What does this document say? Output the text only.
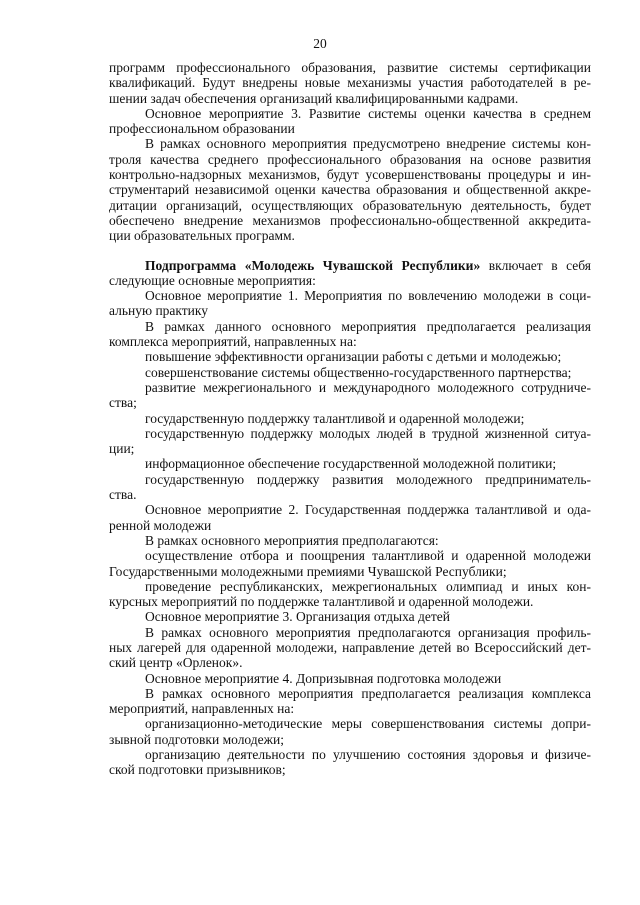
20
программ профессионального образования, развитие системы сертификации
квалификаций. Будут внедрены новые механизмы участия работодателей в ре-
шении задач обеспечения организаций квалифицированными кадрами.
Основное мероприятие 3. Развитие системы оценки качества в среднем
профессиональном образовании
В рамках основного мероприятия предусмотрено внедрение системы кон-
троля качества среднего профессионального образования на основе развития
контрольно-надзорных механизмов, будут усовершенствованы процедуры и ин-
струментарий независимой оценки качества образования и общественной аккре-
дитации организаций, осуществляющих образовательную деятельность, будет
обеспечено внедрение механизмов профессионально-общественной аккредита-
ции образовательных программ.
Подпрограмма «Молодежь Чувашской Республики» включает в себя
следующие основные мероприятия:
Основное мероприятие 1. Мероприятия по вовлечению молодежи в соци-
альную практику
В рамках данного основного мероприятия предполагается реализация
комплекса мероприятий, направленных на:
повышение эффективности организации работы с детьми и молодежью;
совершенствование системы общественно-государственного партнерства;
развитие межрегионального и международного молодежного сотрудниче-
ства;
государственную поддержку талантливой и одаренной молодежи;
государственную поддержку молодых людей в трудной жизненной ситуа-
ции;
информационное обеспечение государственной молодежной политики;
государственную поддержку развития молодежного предприниматель-
ства.
Основное мероприятие 2. Государственная поддержка талантливой и ода-
ренной молодежи
В рамках основного мероприятия предполагаются:
осуществление отбора и поощрения талантливой и одаренной молодежи
Государственными молодежными премиями Чувашской Республики;
проведение республиканских, межрегиональных олимпиад и иных кон-
курсных мероприятий по поддержке талантливой и одаренной молодежи.
Основное мероприятие 3. Организация отдыха детей
В рамках основного мероприятия предполагаются организация профиль-
ных лагерей для одаренной молодежи, направление детей во Всероссийский дет-
ский центр «Орленок».
Основное мероприятие 4. Допризывная подготовка молодежи
В рамках основного мероприятия предполагается реализация комплекса
мероприятий, направленных на:
организационно-методические меры совершенствования системы допри-
зывной подготовки молодежи;
организацию деятельности по улучшению состояния здоровья и физиче-
ской подготовки призывников;
